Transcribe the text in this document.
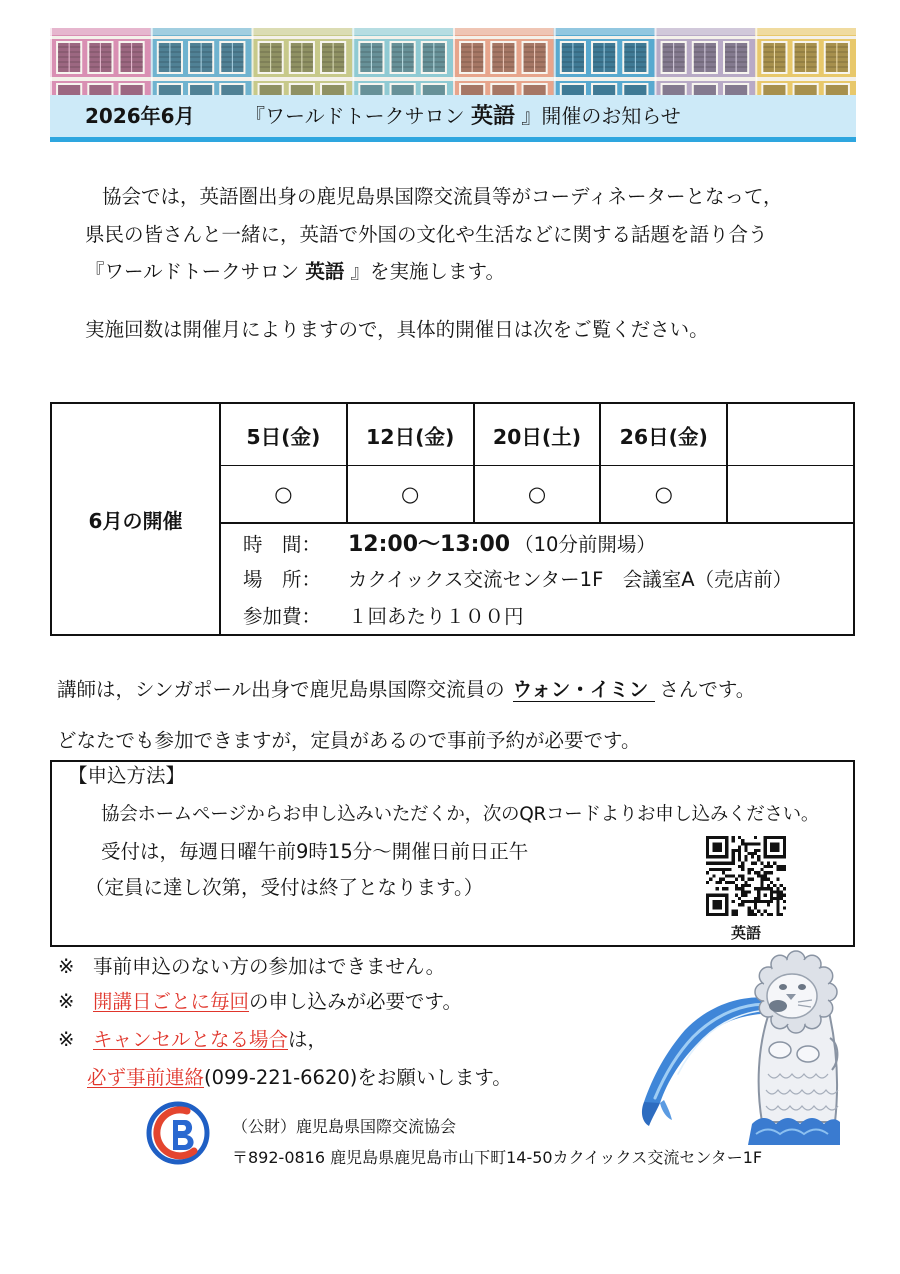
2026年6月	『ワールドトークサロン 英語 』開催のお知らせ
協会では，英語圏出身の鹿児島県国際交流員等がコーディネーターとなって，
県民の皆さんと一緒に，英語で外国の文化や生活などに関する話題を語り合う
『ワールドトークサロン 英語 』を実施します。
実施回数は開催月によりますので，具体的開催日は次をご覧ください。
6月の開催
5日(金) 12日(金) 20日(土) 26日(金)
○	○	○	○
時　間： 12:00～13:00 （10分前開場）
場　所： カクイックス交流センター1F　会議室A（売店前）
参加費： １回あたり１００円
講師は，シンガポール出身で鹿児島県国際交流員の ウォン・イミン さんです。
どなたでも参加できますが，定員があるので事前予約が必要です。
【申込方法】
協会ホームページからお申し込みいただくか，次のQRコードよりお申し込みください。
受付は，毎週日曜午前9時15分～開催日前日正午
（定員に達し次第，受付は終了となります。）
英語
※ 事前申込のない方の参加はできません。
※ 開講日ごとに毎回の申し込みが必要です。
※ キャンセルとなる場合は，
必ず事前連絡(099-221-6620)をお願いします。
（公財）鹿児島県国際交流協会
〒892-0816 鹿児島県鹿児島市山下町14-50カクイックス交流センター1F
